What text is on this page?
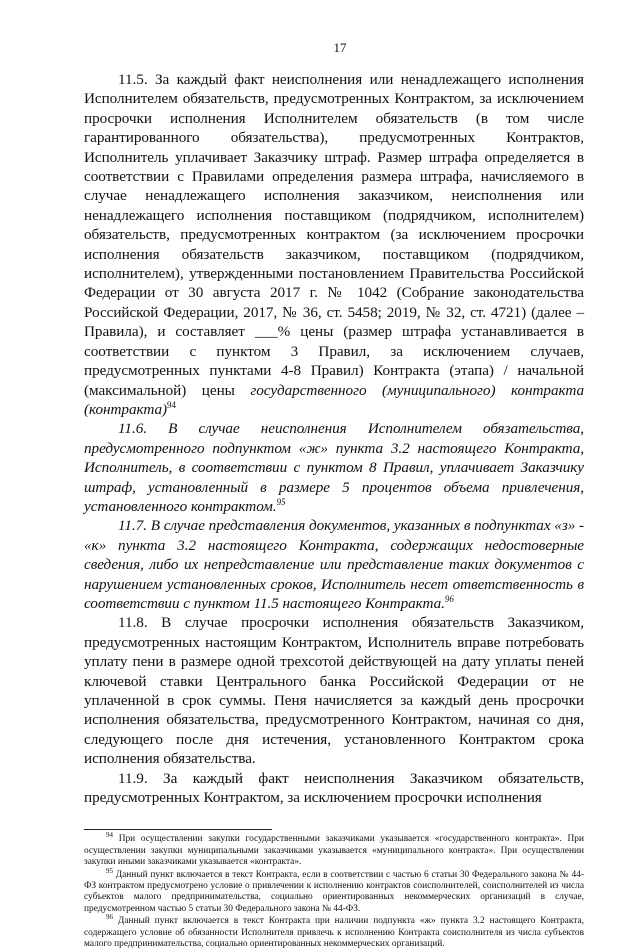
17

11.5. За каждый факт неисполнения или ненадлежащего исполнения Исполнителем обязательств, предусмотренных Контрактом, за исключением просрочки исполнения Исполнителем обязательств (в том числе гарантированного обязательства), предусмотренных Контрактов, Исполнитель уплачивает Заказчику штраф. Размер штрафа определяется в соответствии с Правилами определения размера штрафа, начисляемого в случае ненадлежащего исполнения заказчиком, неисполнения или ненадлежащего исполнения поставщиком (подрядчиком, исполнителем) обязательств, предусмотренных контрактом (за исключением просрочки исполнения обязательств заказчиком, поставщиком (подрядчиком, исполнителем), утвержденными постановлением Правительства Российской Федерации от 30 августа 2017 г. № 1042 (Собрание законодательства Российской Федерации, 2017, № 36, ст. 5458; 2019, № 32, ст. 4721) (далее – Правила), и составляет ___% цены (размер штрафа устанавливается в соответствии с пунктом 3 Правил, за исключением случаев, предусмотренных пунктами 4-8 Правил) Контракта (этапа) / начальной (максимальной) цены государственного (муниципального) контракта (контракта)$^{94}$

11.6. В случае неисполнения Исполнителем обязательства, предусмотренного подпунктом «ж» пункта 3.2 настоящего Контракта, Исполнитель, в соответствии с пунктом 8 Правил, уплачивает Заказчику штраф, установленный в размере 5 процентов объема привлечения, установленного контрактом.$^{95}$

11.7. В случае представления документов, указанных в подпунктах «з» - «к» пункта 3.2 настоящего Контракта, содержащих недостоверные сведения, либо их непредставление или представление таких документов с нарушением установленных сроков, Исполнитель несет ответственность в соответствии с пунктом 11.5 настоящего Контракта.$^{96}$

11.8. В случае просрочки исполнения обязательств Заказчиком, предусмотренных настоящим Контрактом, Исполнитель вправе потребовать уплату пени в размере одной трехсотой действующей на дату уплаты пеней ключевой ставки Центрального банка Российской Федерации от не уплаченной в срок суммы. Пеня начисляется за каждый день просрочки исполнения обязательства, предусмотренного Контрактом, начиная со дня, следующего после дня истечения, установленного Контрактом срока исполнения обязательства.

11.9. За каждый факт неисполнения Заказчиком обязательств, предусмотренных Контрактом, за исключением просрочки исполнения

$^{94}$ При осуществлении закупки государственными заказчиками указывается «государственного контракта». При осуществлении закупки муниципальными заказчиками указывается «муниципального контракта». При осуществлении закупки иными заказчиками указывается «контракта».

$^{95}$ Данный пункт включается в текст Контракта, если в соответствии с частью 6 статьи 30 Федерального закона № 44-ФЗ контрактом предусмотрено условие о привлечении к исполнению контрактов соисполнителей, соисполнителей из числа субъектов малого предпринимательства, социально ориентированных некоммерческих организаций в случае, предусмотренном частью 5 статьи 30 Федерального закона № 44-ФЗ.

$^{96}$ Данный пункт включается в текст Контракта при наличии подпункта «ж» пункта 3.2 настоящего Контракта, содержащего условие об обязанности Исполнителя привлечь к исполнению Контракта соисполнителя из числа субъектов малого предпринимательства, социально ориентированных некоммерческих организаций.
